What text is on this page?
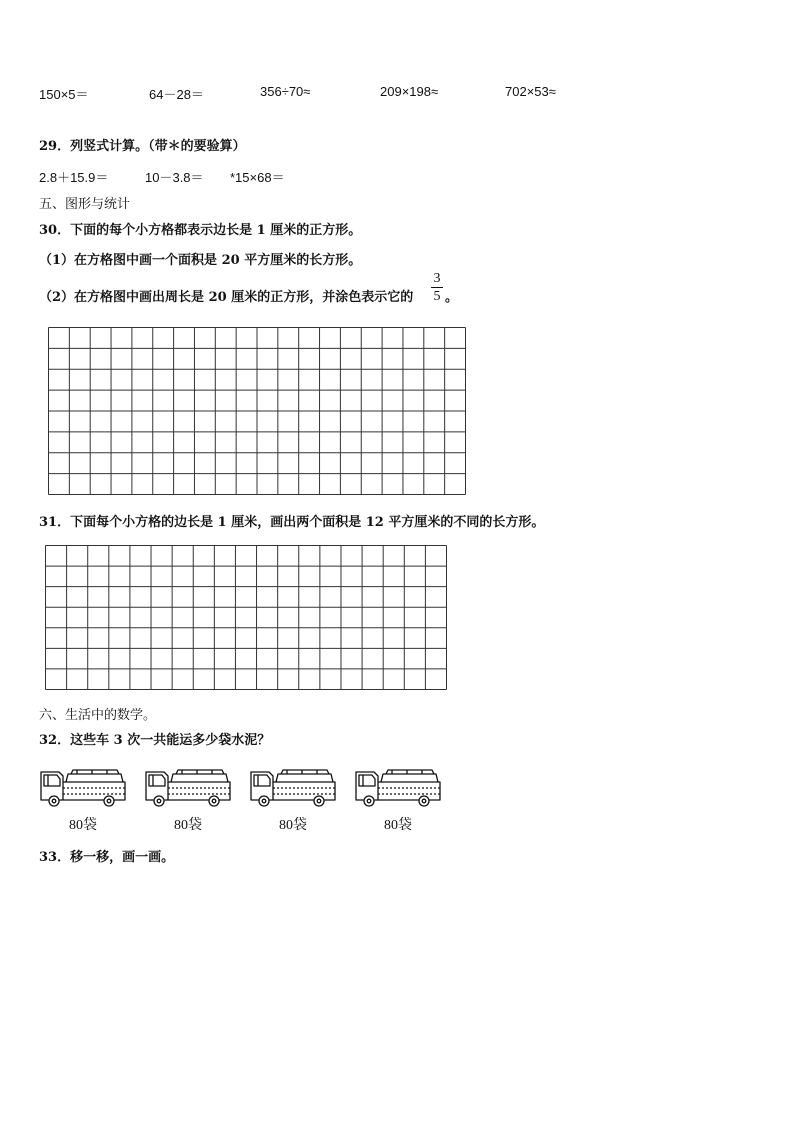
150×5＝	64－28＝	356÷70≈	209×198≈	702×53≈
29．列竖式计算。（带＊的要验算）
2.8＋15.9＝	10－3.8＝ *15×68＝
五、图形与统计
30．下面的每个小方格都表示边长是 1 厘米的正方形。
（1）在方格图中画一个面积是 20 平方厘米的长方形。
（2）在方格图中画出周长是 20 厘米的正方形，并涂色表示它的
3
5 。
31．下面每个小方格的边长是 1 厘米，画出两个面积是 12 平方厘米的不同的长方形。
六、生活中的数学。
32．这些车 3 次一共能运多少袋水泥？
80袋	80袋	80袋	80袋
33．移一移，画一画。
